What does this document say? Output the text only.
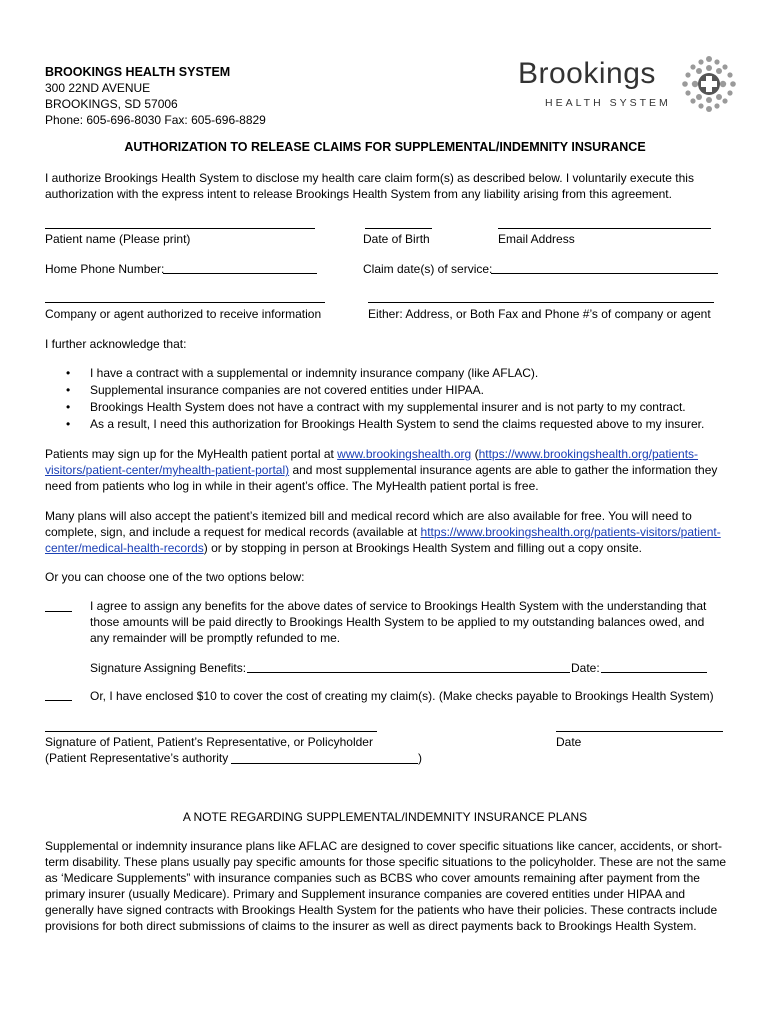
BROOKINGS HEALTH SYSTEM
300 22ND AVENUE
BROOKINGS, SD 57006
Phone: 605-696-8030 Fax: 605-696-8829
Brookings
HEALTH SYSTEM
AUTHORIZATION TO RELEASE CLAIMS FOR SUPPLEMENTAL/INDEMNITY INSURANCE

I authorize Brookings Health System to disclose my health care claim form(s) as described below. I voluntarily execute this authorization with the express intent to release Brookings Health System from any liability arising from this agreement.

Patient name (Please print)	Date of Birth	Email Address
Home Phone Number:	Claim date(s) of service:
Company or agent authorized to receive information	Either: Address, or Both Fax and Phone #’s of company or agent
I further acknowledge that:
• I have a contract with a supplemental or indemnity insurance company (like AFLAC).
• Supplemental insurance companies are not covered entities under HIPAA.
• Brookings Health System does not have a contract with my supplemental insurer and is not party to my contract.
• As a result, I need this authorization for Brookings Health System to send the claims requested above to my insurer.

Patients may sign up for the MyHealth patient portal at www.brookingshealth.org (https://www.brookingshealth.org/patients-visitors/patient-center/myhealth-patient-portal) and most supplemental insurance agents are able to gather the information they need from patients who log in while in their agent’s office. The MyHealth patient portal is free.

Many plans will also accept the patient’s itemized bill and medical record which are also available for free. You will need to complete, sign, and include a request for medical records (available at https://www.brookingshealth.org/patients-visitors/patient-center/medical-health-records) or by stopping in person at Brookings Health System and filling out a copy onsite.

Or you can choose one of the two options below:

I agree to assign any benefits for the above dates of service to Brookings Health System with the understanding that those amounts will be paid directly to Brookings Health System to be applied to my outstanding balances owed, and any remainder will be promptly refunded to me.

Signature Assigning Benefits:	Date:
Or, I have enclosed $10 to cover the cost of creating my claim(s). (Make checks payable to Brookings Health System)
Signature of Patient, Patient’s Representative, or Policyholder	Date
(Patient Representative’s authority	)
A NOTE REGARDING SUPPLEMENTAL/INDEMNITY INSURANCE PLANS

Supplemental or indemnity insurance plans like AFLAC are designed to cover specific situations like cancer, accidents, or short-term disability. These plans usually pay specific amounts for those specific situations to the policyholder. These are not the same as ‘Medicare Supplements” with insurance companies such as BCBS who cover amounts remaining after payment from the primary insurer (usually Medicare). Primary and Supplement insurance companies are covered entities under HIPAA and generally have signed contracts with Brookings Health System for the patients who have their policies. These contracts include provisions for both direct submissions of claims to the insurer as well as direct payments back to Brookings Health System.
